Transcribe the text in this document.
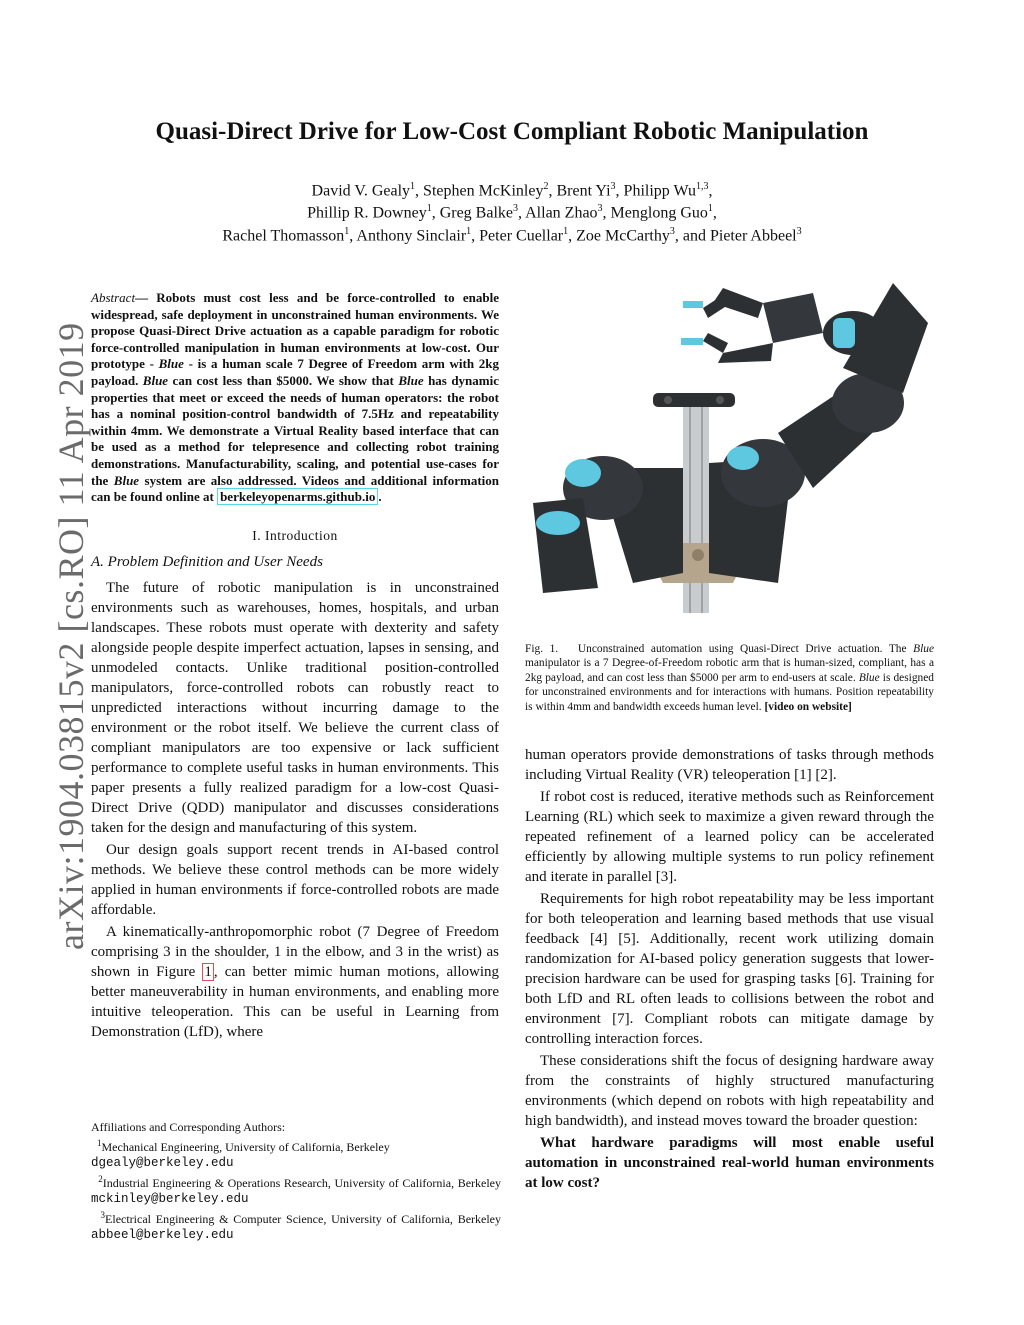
arXiv:1904.03815v2 [cs.RO] 11 Apr 2019
Quasi-Direct Drive for Low-Cost Compliant Robotic Manipulation
David V. Gealy$^1$, Stephen McKinley$^2$, Brent Yi$^3$, Philipp Wu$^{1,3}$,
Phillip R. Downey$^1$, Greg Balke$^3$, Allan Zhao$^3$, Menglong Guo$^1$,
Rachel Thomasson$^1$, Anthony Sinclair$^1$, Peter Cuellar$^1$, Zoe McCarthy$^3$, and Pieter Abbeel$^3$
Abstract— Robots must cost less and be force-controlled to enable widespread, safe deployment in unconstrained human environments. We propose Quasi-Direct Drive actuation as a capable paradigm for robotic force-controlled manipulation in human environments at low-cost. Our prototype - Blue - is a human scale 7 Degree of Freedom arm with 2kg payload. Blue can cost less than $5000. We show that Blue has dynamic properties that meet or exceed the needs of human operators: the robot has a nominal position-control bandwidth of 7.5Hz and repeatability within 4mm. We demonstrate a Virtual Reality based interface that can be used as a method for telepresence and collecting robot training demonstrations. Manufacturability, scaling, and potential use-cases for the Blue system are also addressed. Videos and additional information can be found online at berkeleyopenarms.github.io .
I. Introduction
A. Problem Definition and User Needs

The future of robotic manipulation is in unconstrained environments such as warehouses, homes, hospitals, and urban landscapes. These robots must operate with dexterity and safety alongside people despite imperfect actuation, lapses in sensing, and unmodeled contacts. Unlike traditional position-controlled manipulators, force-controlled robots can robustly react to unpredicted interactions without incurring damage to the environment or the robot itself. We believe the current class of compliant manipulators are too expensive or lack sufficient performance to complete useful tasks in human environments. This paper presents a fully realized paradigm for a low-cost Quasi-Direct Drive (QDD) manipulator and discusses considerations taken for the design and manufacturing of this system.

Our design goals support recent trends in AI-based control methods. We believe these control methods can be more widely applied in human environments if force-controlled robots are made affordable.

A kinematically-anthropomorphic robot (7 Degree of Freedom comprising 3 in the shoulder, 1 in the elbow, and 3 in the wrist) as shown in Figure 1 , can better mimic human motions, allowing better maneuverability in human environments, and enabling more intuitive teleoperation. This can be useful in Learning from Demonstration (LfD), where

Affiliations and Corresponding Authors:
$^1$Mechanical Engineering, University of California, Berkeley
dgealy@berkeley.edu
$^2$Industrial Engineering & Operations Research, University of California, Berkeley mckinley@berkeley.edu
$^3$Electrical Engineering & Computer Science, University of California, Berkeley abbeel@berkeley.edu
Fig. 1. Unconstrained automation using Quasi-Direct Drive actuation. The Blue manipulator is a 7 Degree-of-Freedom robotic arm that is human-sized, compliant, has a 2kg payload, and can cost less than $5000 per arm to end-users at scale. Blue is designed for unconstrained environments and for interactions with humans. Position repeatability is within 4mm and bandwidth exceeds human level. [video on website]

human operators provide demonstrations of tasks through methods including Virtual Reality (VR) teleoperation [1] [2].

If robot cost is reduced, iterative methods such as Reinforcement Learning (RL) which seek to maximize a given reward through the repeated refinement of a learned policy can be accelerated efficiently by allowing multiple systems to run policy refinement and iterate in parallel [3].

Requirements for high robot repeatability may be less important for both teleoperation and learning based methods that use visual feedback [4] [5]. Additionally, recent work utilizing domain randomization for AI-based policy generation suggests that lower-precision hardware can be used for grasping tasks [6]. Training for both LfD and RL often leads to collisions between the robot and environment [7]. Compliant robots can mitigate damage by controlling interaction forces.

These considerations shift the focus of designing hardware away from the constraints of highly structured manufacturing environments (which depend on robots with high repeatability and high bandwidth), and instead moves toward the broader question:

What hardware paradigms will most enable useful automation in unconstrained real-world human environments at low cost?
